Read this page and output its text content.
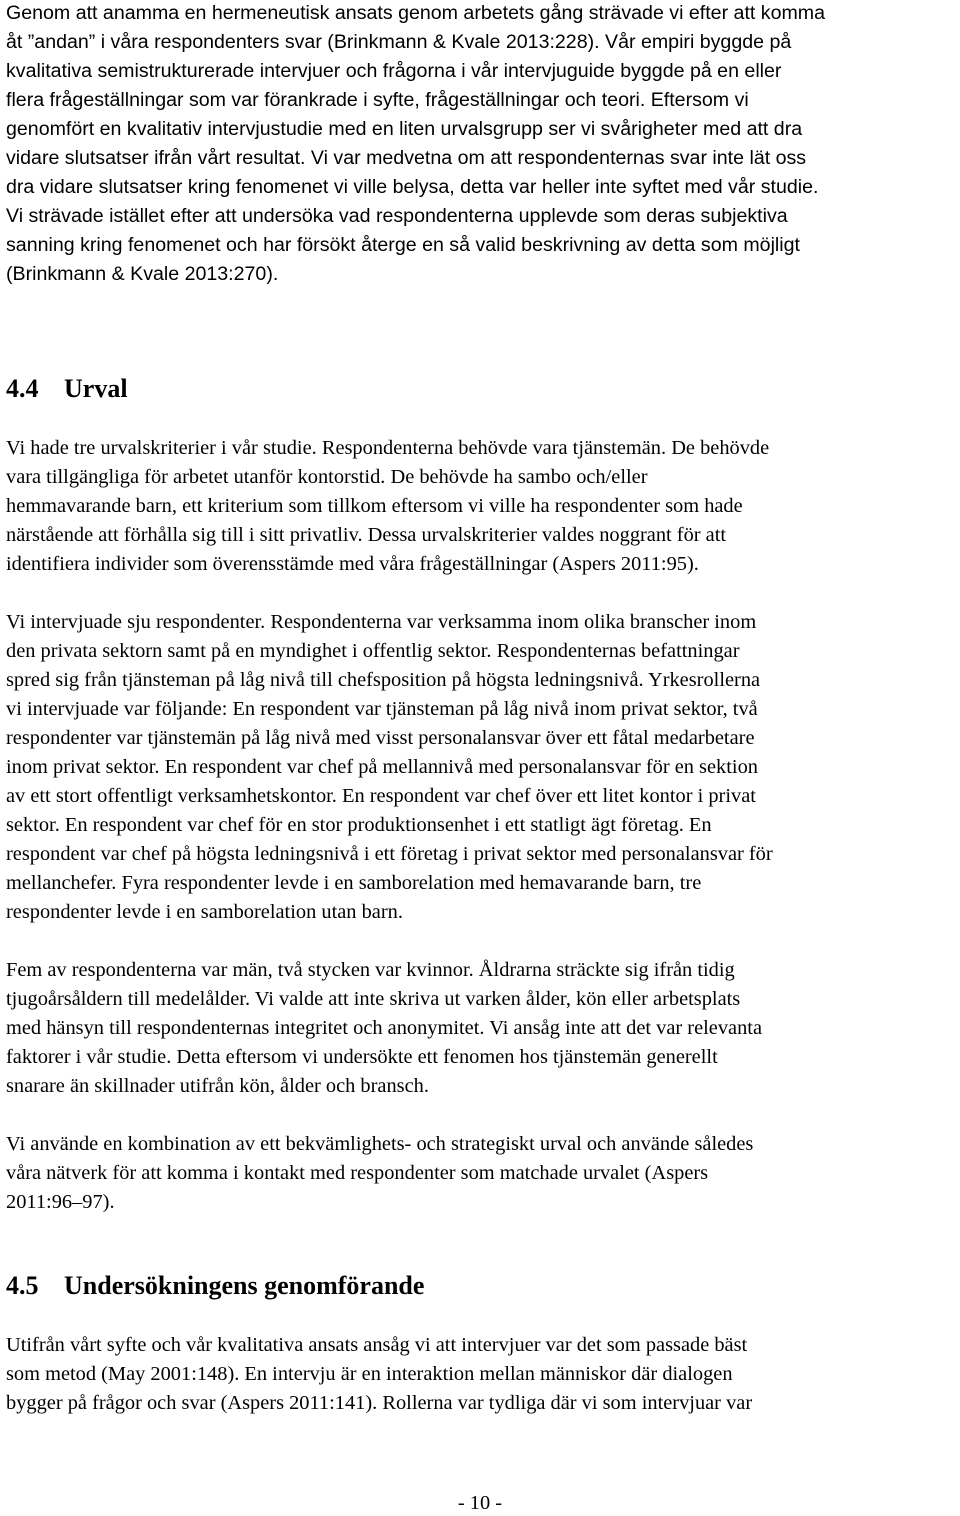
Genom att anamma en hermeneutisk ansats genom arbetets gång strävade vi efter att komma
åt ”andan” i våra respondenters svar (Brinkmann & Kvale 2013:228). Vår empiri byggde på
kvalitativa semistrukturerade intervjuer och frågorna i vår intervjuguide byggde på en eller
flera frågeställningar som var förankrade i syfte, frågeställningar och teori. Eftersom vi
genomfört en kvalitativ intervjustudie med en liten urvalsgrupp ser vi svårigheter med att dra
vidare slutsatser ifrån vårt resultat. Vi var medvetna om att respondenternas svar inte lät oss
dra vidare slutsatser kring fenomenet vi ville belysa, detta var heller inte syftet med vår studie.
Vi strävade istället efter att undersöka vad respondenterna upplevde som deras subjektiva
sanning kring fenomenet och har försökt återge en så valid beskrivning av detta som möjligt
(Brinkmann & Kvale 2013:270).

4.4 Urval

Vi hade tre urvalskriterier i vår studie. Respondenterna behövde vara tjänstemän. De behövde
vara tillgängliga för arbetet utanför kontorstid. De behövde ha sambo och/eller
hemmavarande barn, ett kriterium som tillkom eftersom vi ville ha respondenter som hade
närstående att förhålla sig till i sitt privatliv. Dessa urvalskriterier valdes noggrant för att
identifiera individer som överensstämde med våra frågeställningar (Aspers 2011:95).

Vi intervjuade sju respondenter. Respondenterna var verksamma inom olika branscher inom
den privata sektorn samt på en myndighet i offentlig sektor. Respondenternas befattningar
spred sig från tjänsteman på låg nivå till chefsposition på högsta ledningsnivå. Yrkesrollerna
vi intervjuade var följande: En respondent var tjänsteman på låg nivå inom privat sektor, två
respondenter var tjänstemän på låg nivå med visst personalansvar över ett fåtal medarbetare
inom privat sektor. En respondent var chef på mellannivå med personalansvar för en sektion
av ett stort offentligt verksamhetskontor. En respondent var chef över ett litet kontor i privat
sektor. En respondent var chef för en stor produktionsenhet i ett statligt ägt företag. En
respondent var chef på högsta ledningsnivå i ett företag i privat sektor med personalansvar för
mellanchefer. Fyra respondenter levde i en samborelation med hemavarande barn, tre
respondenter levde i en samborelation utan barn.

Fem av respondenterna var män, två stycken var kvinnor. Åldrarna sträckte sig ifrån tidig
tjugoårsåldern till medelålder. Vi valde att inte skriva ut varken ålder, kön eller arbetsplats
med hänsyn till respondenternas integritet och anonymitet. Vi ansåg inte att det var relevanta
faktorer i vår studie. Detta eftersom vi undersökte ett fenomen hos tjänstemän generellt
snarare än skillnader utifrån kön, ålder och bransch.

Vi använde en kombination av ett bekvämlighets- och strategiskt urval och använde således
våra nätverk för att komma i kontakt med respondenter som matchade urvalet (Aspers
2011:96–97).

4.5 Undersökningens genomförande

Utifrån vårt syfte och vår kvalitativa ansats ansåg vi att intervjuer var det som passade bäst
som metod (May 2001:148). En intervju är en interaktion mellan människor där dialogen
bygger på frågor och svar (Aspers 2011:141). Rollerna var tydliga där vi som intervjuar var

- 10 -
